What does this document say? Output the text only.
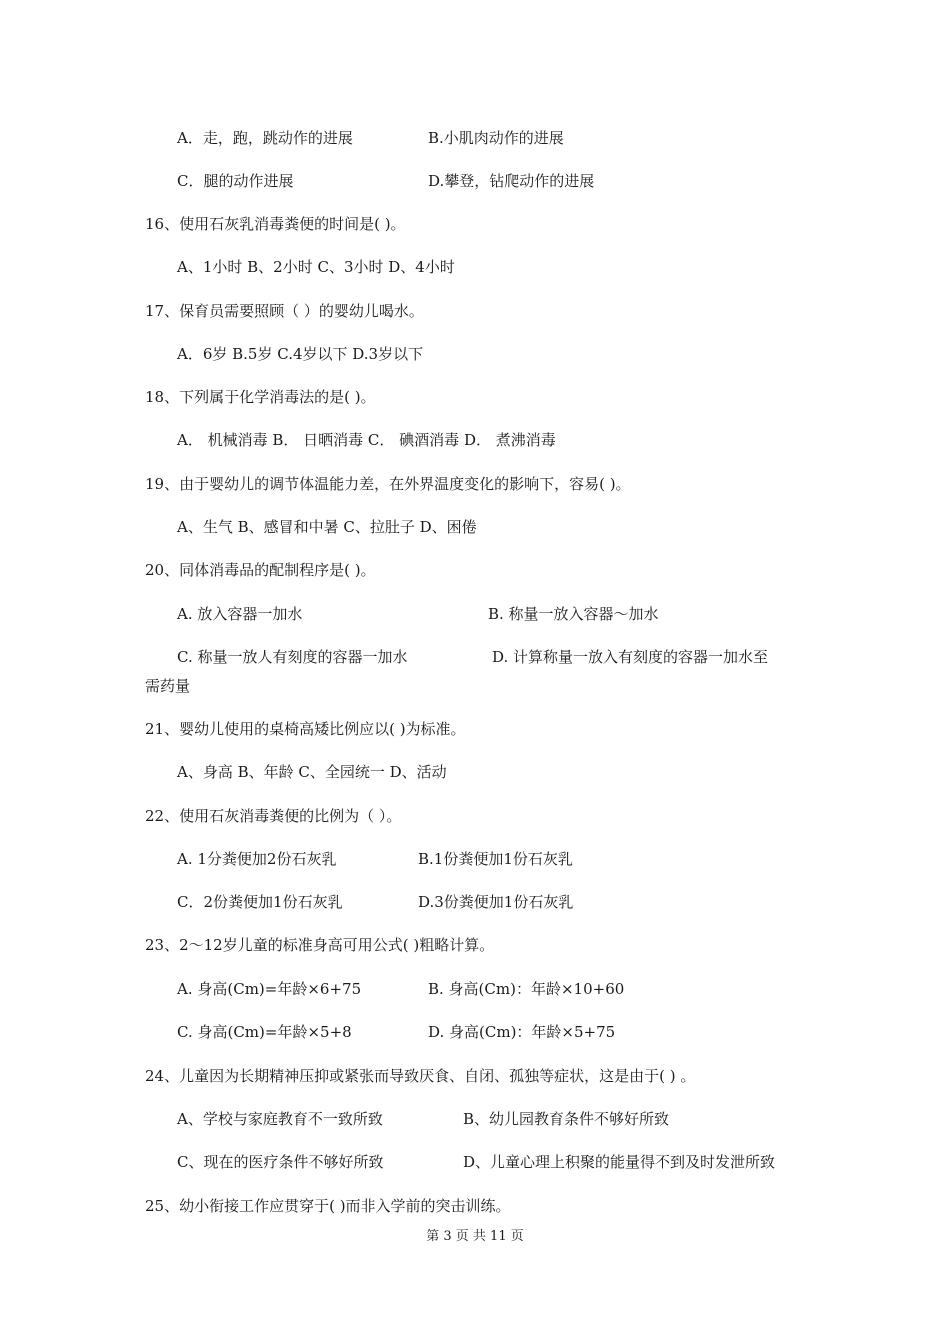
A．走，跑，跳动作的进展	B.小肌肉动作的进展
C．腿的动作进展	D.攀登，钻爬动作的进展
16、使用石灰乳消毒粪便的时间是( )。
A、1小时 B、2小时 C、3小时 D、4小时
17、保育员需要照顾（ ）的婴幼儿喝水。
A．6岁 B.5岁 C.4岁以下 D.3岁以下
18、下列属于化学消毒法的是( )。
A． 机械消毒 B． 日晒消毒 C． 碘酒消毒 D． 煮沸消毒
19、由于婴幼儿的调节体温能力差，在外界温度变化的影响下，容易( )。
A、生气 B、感冒和中暑 C、拉肚子 D、困倦
20、同体消毒品的配制程序是( )。
A. 放入容器一加水	B. 称量一放入容器～加水
C. 称量一放人有刻度的容器一加水	D. 计算称量一放入有刻度的容器一加水至
需药量
21、婴幼儿使用的桌椅高矮比例应以( )为标准。
A、身高 B、年龄 C、全园统一 D、活动
22、使用石灰消毒粪便的比例为（ ）。
A. 1分粪便加2份石灰乳	B.1份粪便加1份石灰乳
C．2份粪便加1份石灰乳	D.3份粪便加1份石灰乳
23、2～12岁儿童的标准身高可用公式( )粗略计算。
A. 身高(Cm)=年龄×6+75	B. 身高(Cm)：年龄×10+60
C. 身高(Cm)=年龄×5+8	D. 身高(Cm)：年龄×5+75
24、儿童因为长期精神压抑或紧张而导致厌食、自闭、孤独等症状，这是由于( ) 。
A、学校与家庭教育不一致所致	B、幼儿园教育条件不够好所致
C、现在的医疗条件不够好所致	D、儿童心理上积聚的能量得不到及时发泄所致
25、幼小衔接工作应贯穿于( )而非入学前的突击训练。
第 3 页 共 11 页
